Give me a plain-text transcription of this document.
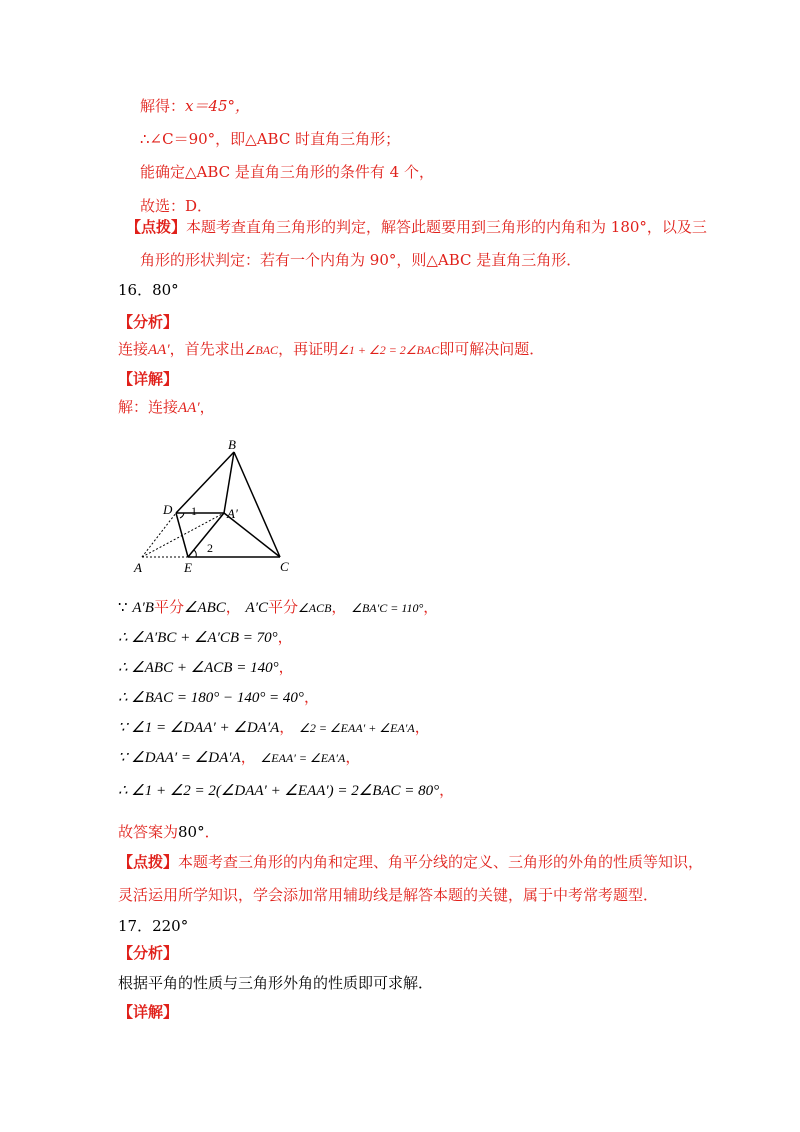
解得：x＝45°，
∴∠C＝90°，即△ABC 时直角三角形；
能确定△ABC 是直角三角形的条件有 4 个，
故选：D．
【点拨】本题考查直角三角形的判定，解答此题要用到三角形的内角和为 180°，以及三
角形的形状判定：若有一个内角为 90°，则△ABC 是直角三角形．
16．80°
【分析】
连接AA′，首先求出∠BAC，再证明∠1 + ∠2 = 2∠BAC即可解决问题．
【详解】
解：连接AA′，
B
D	A′
1
2
A	E	C
∵ A′B平分∠ABC， A′C平分∠ACB， ∠BA′C = 110°，
∴ ∠A′BC + ∠A′CB = 70°，
∴ ∠ABC + ∠ACB = 140°，
∴ ∠BAC = 180° − 140° = 40°，
∵ ∠1 = ∠DAA′ + ∠DA′A， ∠2 = ∠EAA′ + ∠EA′A，
∵ ∠DAA′ = ∠DA′A， ∠EAA′ = ∠EA′A，
∴ ∠1 + ∠2 = 2(∠DAA′ + ∠EAA′) = 2∠BAC = 80°，
故答案为80°．
【点拨】本题考查三角形的内角和定理、角平分线的定义、三角形的外角的性质等知识，
灵活运用所学知识，学会添加常用辅助线是解答本题的关键，属于中考常考题型．
17．220°
【分析】
根据平角的性质与三角形外角的性质即可求解．
【详解】
